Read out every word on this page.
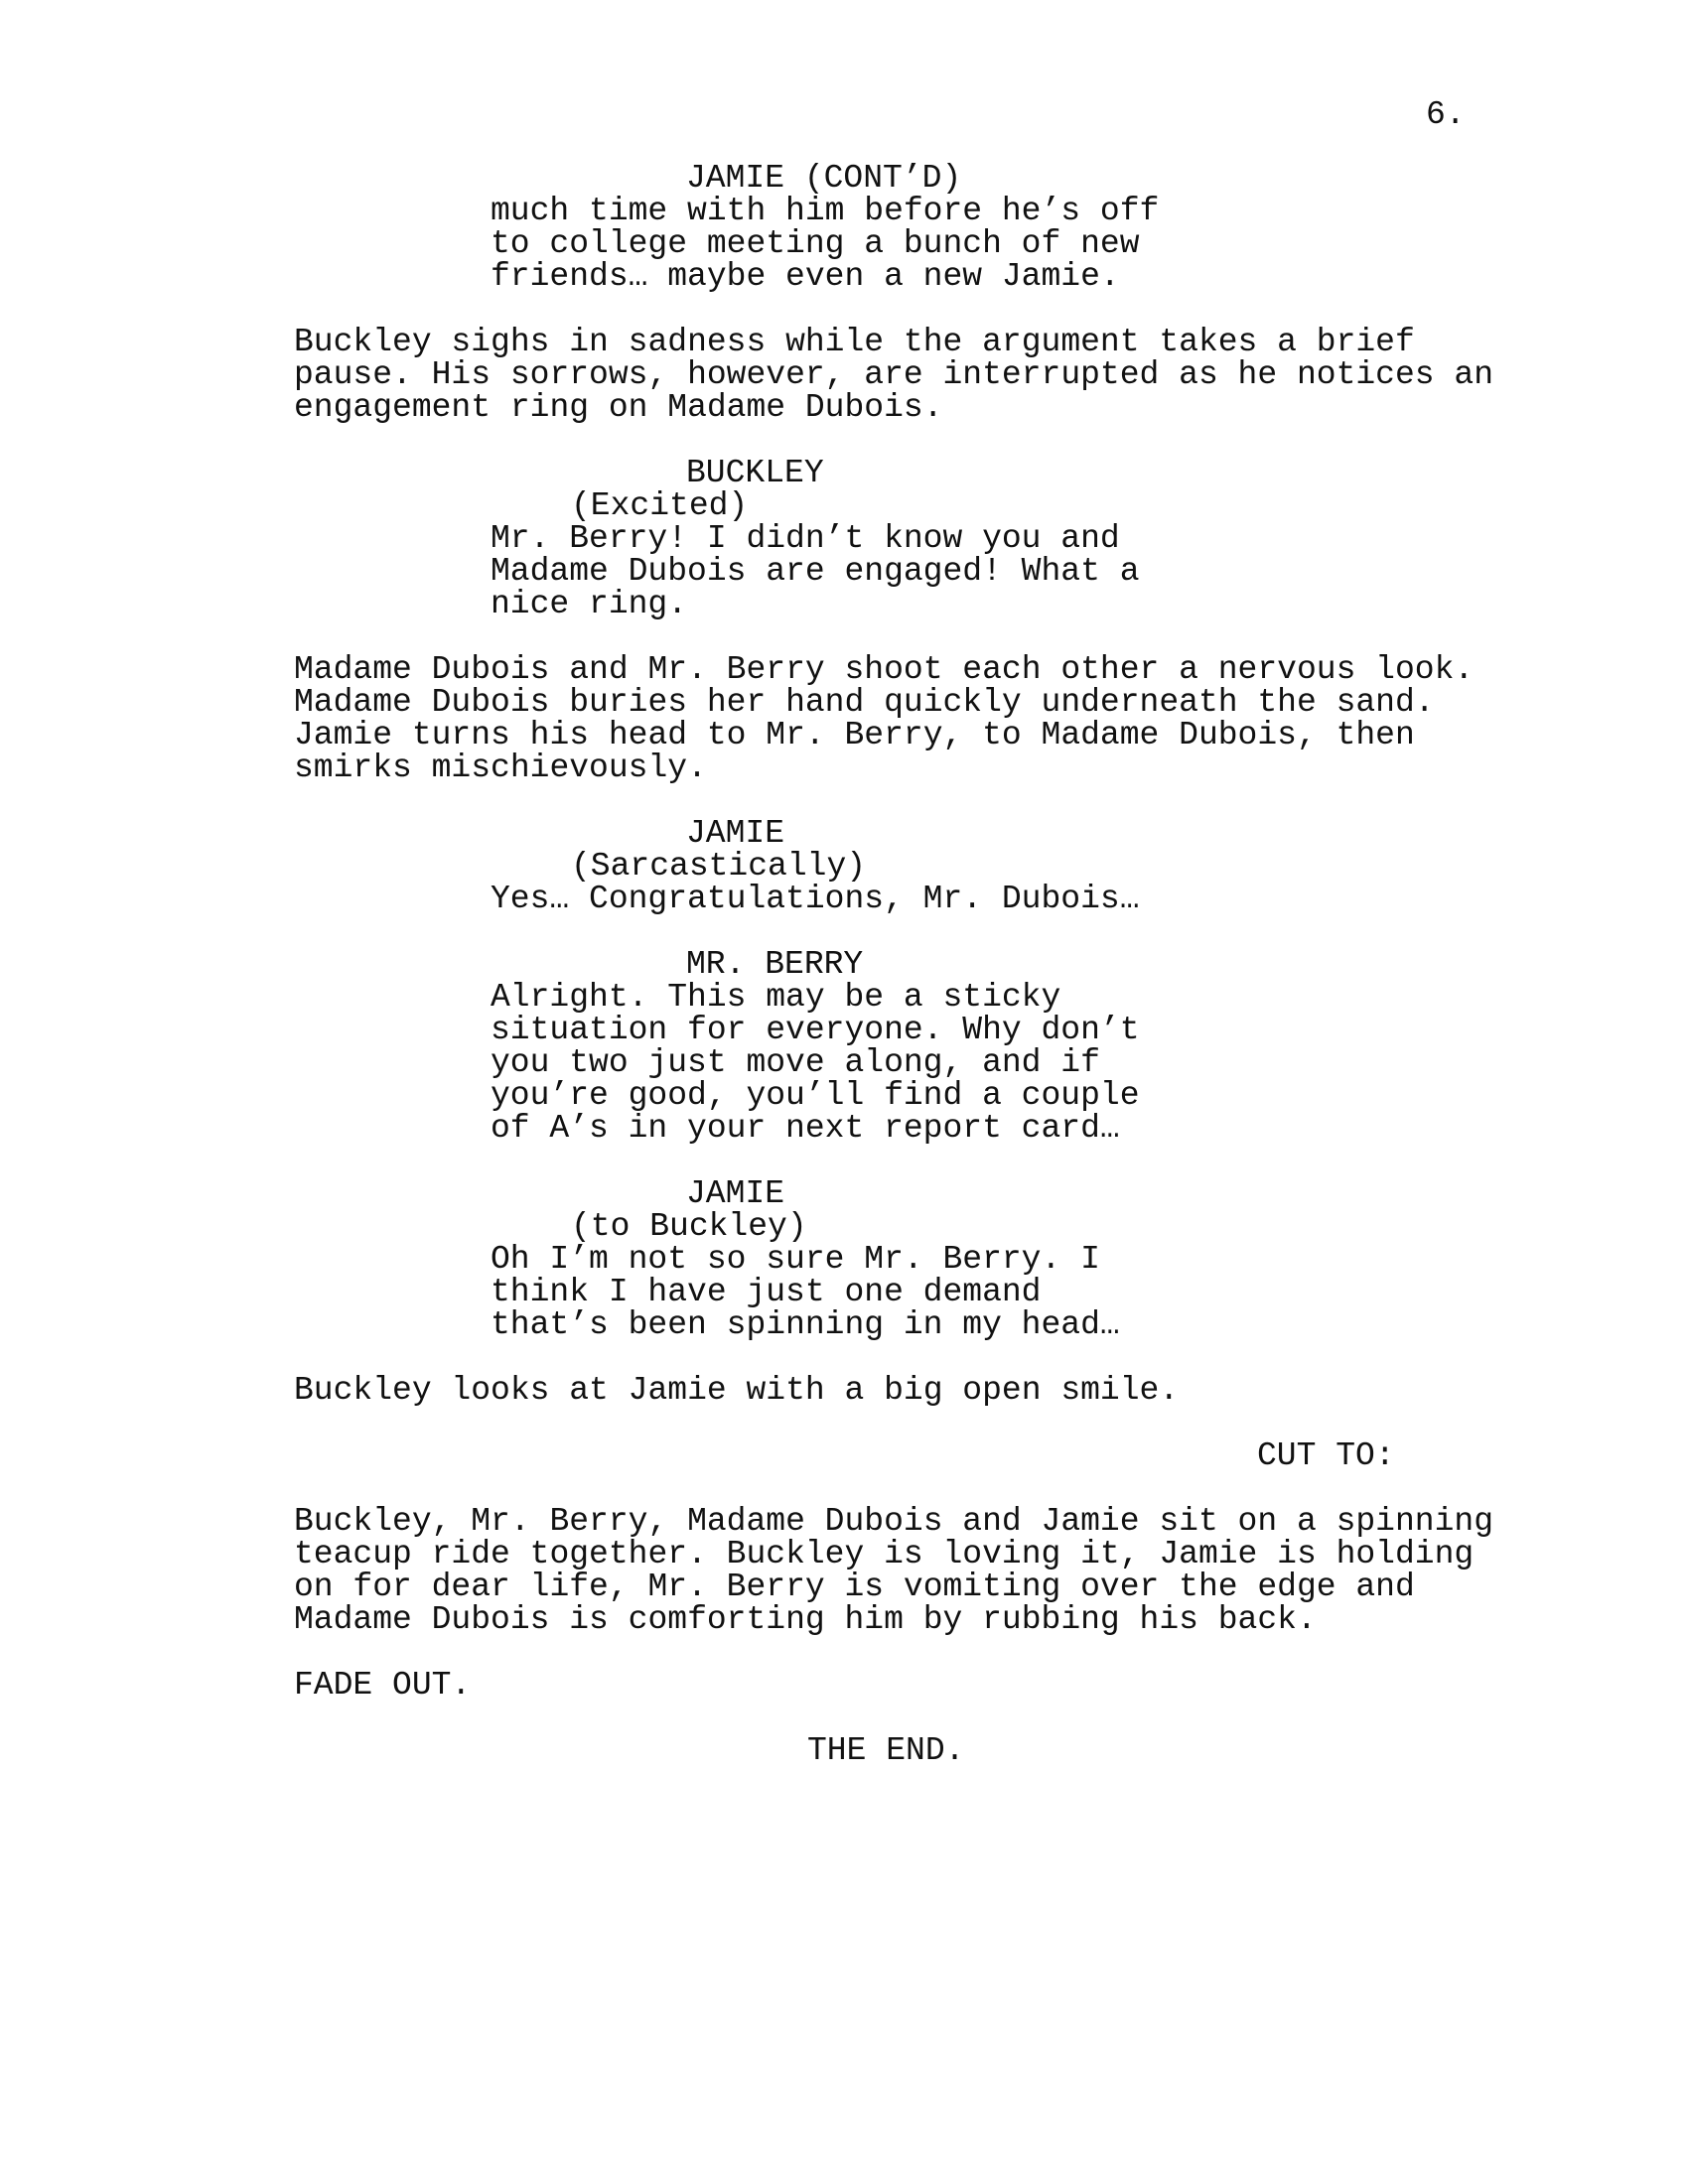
6.
JAMIE (CONT’D)
much time with him before he’s off
to college meeting a bunch of new
friends… maybe even a new Jamie.
Buckley sighs in sadness while the argument takes a brief
pause. His sorrows, however, are interrupted as he notices an
engagement ring on Madame Dubois.
BUCKLEY
(Excited)
Mr. Berry! I didn’t know you and
Madame Dubois are engaged! What a
nice ring.
Madame Dubois and Mr. Berry shoot each other a nervous look.
Madame Dubois buries her hand quickly underneath the sand.
Jamie turns his head to Mr. Berry, to Madame Dubois, then
smirks mischievously.
JAMIE
(Sarcastically)
Yes… Congratulations, Mr. Dubois…
MR. BERRY
Alright. This may be a sticky
situation for everyone. Why don’t
you two just move along, and if
you’re good, you’ll find a couple
of A’s in your next report card…
JAMIE
(to Buckley)
Oh I’m not so sure Mr. Berry. I
think I have just one demand
that’s been spinning in my head…
Buckley looks at Jamie with a big open smile.
CUT TO:
Buckley, Mr. Berry, Madame Dubois and Jamie sit on a spinning
teacup ride together. Buckley is loving it, Jamie is holding
on for dear life, Mr. Berry is vomiting over the edge and
Madame Dubois is comforting him by rubbing his back.
FADE OUT.
THE END.
